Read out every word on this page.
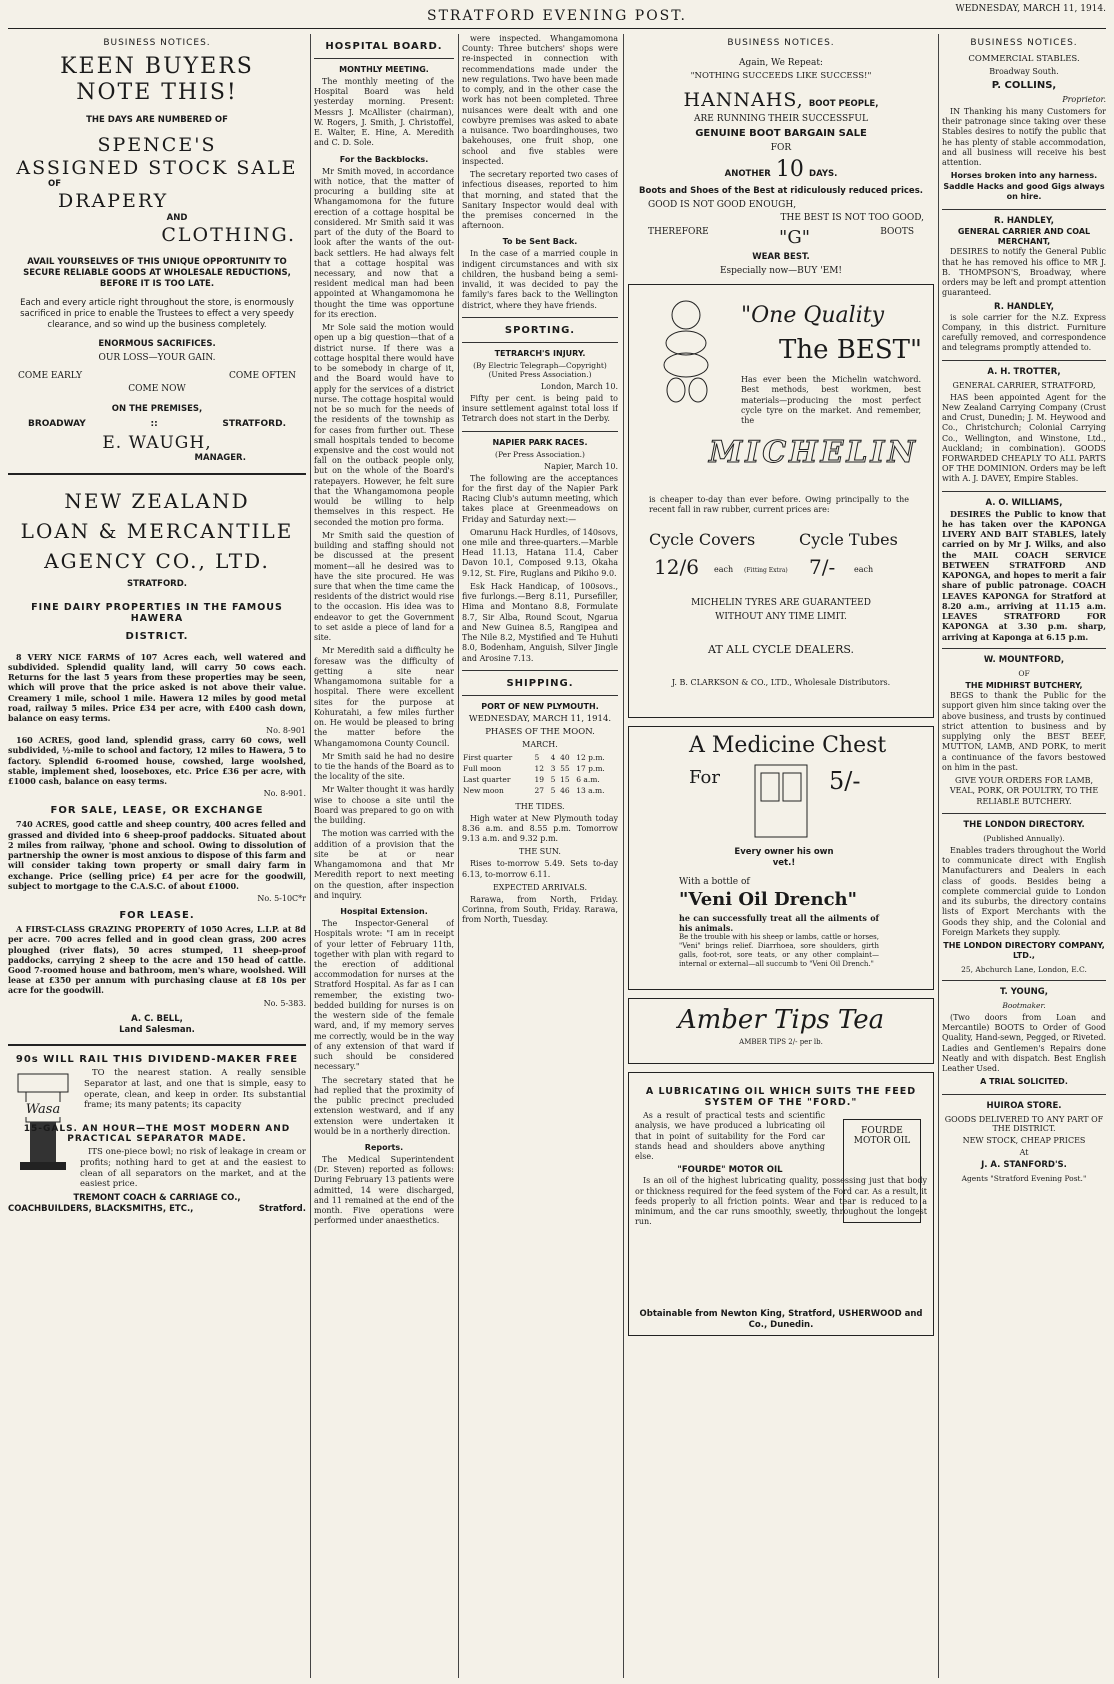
STRATFORD EVENING POST.	WEDNESDAY, MARCH 11, 1914.
BUSINESS NOTICES.
KEEN BUYERS
NOTE THIS!
THE DAYS ARE NUMBERED OF
SPENCE'S
ASSIGNED STOCK SALE
OF
DRAPERY
AND
CLOTHING.
AVAIL YOURSELVES OF THIS UNIQUE OPPORTUNITY TO SECURE RELIABLE GOODS AT WHOLESALE REDUCTIONS, BEFORE IT IS TOO LATE.
Each and every article right throughout the store, is enormously sacrificed in price to enable the Trustees to effect a very speedy clearance, and so wind up the business completely.
ENORMOUS SACRIFICES.
OUR LOSS—YOUR GAIN.
COME EARLY	COME OFTEN
COME NOW
ON THE PREMISES,
BROADWAY	::	STRATFORD.
E. WAUGH,
MANAGER.
NEW ZEALAND
LOAN & MERCANTILE
AGENCY CO., LTD.
STRATFORD.
FINE DAIRY PROPERTIES IN THE FAMOUS HAWERA
DISTRICT.

8 VERY NICE FARMS of 107 Acres each, well watered and subdivided. Splendid quality land, will carry 50 cows each. Returns for the last 5 years from these properties may be seen, which will prove that the price asked is not above their value. Creamery 1 mile, school 1 mile. Hawera 12 miles by good metal road, railway 5 miles. Price £34 per acre, with £400 cash down, balance on easy terms.

No. 8-901

160 ACRES, good land, splendid grass, carry 60 cows, well subdivided, ½-mile to school and factory, 12 miles to Hawera, 5 to factory. Splendid 6-roomed house, cowshed, large woolshed, stable, implement shed, looseboxes, etc. Price £36 per acre, with £1000 cash, balance on easy terms.

No. 8-901.
FOR SALE, LEASE, OR EXCHANGE

740 ACRES, good cattle and sheep country, 400 acres felled and grassed and divided into 6 sheep-proof paddocks. Situated about 2 miles from railway, 'phone and school. Owing to dissolution of partnership the owner is most anxious to dispose of this farm and will consider taking town property or small dairy farm in exchange. Price (selling price) £4 per acre for the goodwill, subject to mortgage to the C.A.S.C. of about £1000.

No. 5-10C*r
FOR LEASE.

A FIRST-CLASS GRAZING PROPERTY of 1050 Acres, L.I.P. at 8d per acre. 700 acres felled and in good clean grass, 200 acres ploughed (river flats), 50 acres stumped, 11 sheep-proof paddocks, carrying 2 sheep to the acre and 150 head of cattle. Good 7-roomed house and bathroom, men's whare, woolshed. Will lease at £350 per annum with purchasing clause at £8 10s per acre for the goodwill.

No. 5-383.
A. C. BELL,
Land Salesman.
90s WILL RAIL THIS DIVIDEND-MAKER FREE
Wasa

TO the nearest station. A really sensible Separator at last, and one that is simple, easy to operate, clean, and keep in order. Its substantial frame; its many patents; its capacity

15-GALS. AN HOUR—THE MOST MODERN AND PRACTICAL SEPARATOR MADE.

ITS one-piece bowl; no risk of leakage in cream or profits; nothing hard to get at and the easiest to clean of all separators on the market, and at the easiest price.

TREMONT COACH & CARRIAGE CO.,
COACHBUILDERS, BLACKSMITHS, ETC.,	Stratford.
HOSPITAL BOARD.
MONTHLY MEETING.

The monthly meeting of the Hospital Board was held yesterday morning. Present: Messrs J. McAllister (chairman), W. Rogers, J. Smith, J. Christoffel, E. Walter, E. Hine, A. Meredith and C. D. Sole.

For the Backblocks.

Mr Smith moved, in accordance with notice, that the matter of procuring a building site at Whangamomona for the future erection of a cottage hospital be considered. Mr Smith said it was part of the duty of the Board to look after the wants of the out-back settlers. He had always felt that a cottage hospital was necessary, and now that a resident medical man had been appointed at Whangamomona he thought the time was opportune for its erection.

Mr Sole said the motion would open up a big question—that of a district nurse. If there was a cottage hospital there would have to be somebody in charge of it, and the Board would have to apply for the services of a district nurse. The cottage hospital would not be so much for the needs of the residents of the township as for cases from further out. These small hospitals tended to become expensive and the cost would not fall on the outback people only, but on the whole of the Board's ratepayers. However, he felt sure that the Whangamomona people would be willing to help themselves in this respect. He seconded the motion pro forma.

Mr Smith said the question of building and staffing should not be discussed at the present moment—all he desired was to have the site procured. He was sure that when the time came the residents of the district would rise to the occasion. His idea was to endeavor to get the Government to set aside a piece of land for a site.

Mr Meredith said a difficulty he foresaw was the difficulty of getting a site near Whangamomona suitable for a hospital. There were excellent sites for the purpose at Kohuratahi, a few miles further on. He would be pleased to bring the matter before the Whangamomona County Council.

Mr Smith said he had no desire to tie the hands of the Board as to the locality of the site.

Mr Walter thought it was hardly wise to choose a site until the Board was prepared to go on with the building.

The motion was carried with the addition of a provision that the site be at or near Whangamomona and that Mr Meredith report to next meeting on the question, after inspection and inquiry.

Hospital Extension.

The Inspector-General of Hospitals wrote: "I am in receipt of your letter of February 11th, together with plan with regard to the erection of additional accommodation for nurses at the Stratford Hospital. As far as I can remember, the existing two-bedded building for nurses is on the western side of the female ward, and, if my memory serves me correctly, would be in the way of any extension of that ward if such should be considered necessary."

The secretary stated that he had replied that the proximity of the public precinct precluded extension westward, and if any extension were undertaken it would be in a northerly direction.

Reports.

The Medical Superintendent (Dr. Steven) reported as follows: During February 13 patients were admitted, 14 were discharged, and 11 remained at the end of the month. Five operations were performed under anaesthetics.

were inspected. Whangamomona County: Three butchers' shops were re-inspected in connection with recommendations made under the new regulations. Two have been made to comply, and in the other case the work has not been completed. Three nuisances were dealt with and one cowbyre premises was asked to abate a nuisance. Two boardinghouses, two bakehouses, one fruit shop, one school and five stables were inspected.

The secretary reported two cases of infectious diseases, reported to him that morning, and stated that the Sanitary Inspector would deal with the premises concerned in the afternoon.

To be Sent Back.

In the case of a married couple in indigent circumstances and with six children, the husband being a semi-invalid, it was decided to pay the family's fares back to the Wellington district, where they have friends.

SPORTING.
TETRARCH'S INJURY.
(By Electric Telegraph—Copyright) (United Press Association.)
London, March 10.

Fifty per cent. is being paid to insure settlement against total loss if Tetrarch does not start in the Derby.

NAPIER PARK RACES.
(Per Press Association.)
Napier, March 10.

The following are the acceptances for the first day of the Napier Park Racing Club's autumn meeting, which takes place at Greenmeadows on Friday and Saturday next:—

Omarunu Hack Hurdles, of 140sovs, one mile and three-quarters.—Marble Head 11.13, Hatana 11.4, Caber Davon 10.1, Composed 9.13, Okaha 9.12, St. Fire, Ruglans and Pikiho 9.0.

Esk Hack Handicap, of 100sovs., five furlongs.—Berg 8.11, Pursefiller, Hima and Montano 8.8, Formulate 8.7, Sir Alba, Round Scout, Ngarua and New Guinea 8.5, Rangipea and The Nile 8.2, Mystified and Te Huhuti 8.0, Bodenham, Anguish, Silver Jingle and Arosine 7.13.

SHIPPING.
PORT OF NEW PLYMOUTH.
WEDNESDAY, MARCH 11, 1914.
PHASES OF THE MOON.
MARCH.
First quarter	5	4	40	12 p.m.
Full moon	12	3	55	17 p.m.
Last quarter	19	5	15	6 a.m.
New moon	27	5	46	13 a.m.
THE TIDES.

High water at New Plymouth today 8.36 a.m. and 8.55 p.m. Tomorrow 9.13 a.m. and 9.32 p.m.

THE SUN.

Rises to-morrow 5.49. Sets to-day 6.13, to-morrow 6.11.

EXPECTED ARRIVALS.

Rarawa, from North, Friday. Corinna, from South, Friday. Rarawa, from North, Tuesday.

BUSINESS NOTICES.
Again, We Repeat:
"NOTHING SUCCEEDS LIKE SUCCESS!"
HANNAHS, BOOT PEOPLE,
ARE RUNNING THEIR SUCCESSFUL
GENUINE BOOT BARGAIN SALE
FOR
ANOTHER 10 DAYS.
Boots and Shoes of the Best at ridiculously reduced prices.
GOOD IS NOT GOOD ENOUGH,
THE BEST IS NOT TOO GOOD,
THEREFORE	"G"	BOOTS
WEAR BEST.
Especially now—BUY 'EM!
"One Quality
The BEST"

Has ever been the Michelin watchword. Best methods, best workmen, best materials—producing the most perfect cycle tyre on the market. And remember, the

MICHELIN

is cheaper to-day than ever before. Owing principally to the recent fall in raw rubber, current prices are:

Cycle Covers	Cycle Tubes
12/6 each (Fitting Extra) 7/- each
MICHELIN TYRES ARE GUARANTEED
WITHOUT ANY TIME LIMIT.
AT ALL CYCLE DEALERS.
J. B. CLARKSON & CO., LTD., Wholesale Distributors.
A Medicine Chest
For	5/-
Every owner his own vet.!
With a bottle of
"Veni Oil Drench"

he can successfully treat all the ailments of his animals.

Be the trouble with his sheep or lambs, cattle or horses, "Veni" brings relief. Diarrhoea, sore shoulders, girth galls, foot-rot, sore teats, or any other complaint—internal or external—all succumb to "Veni Oil Drench."

Amber Tips Tea
AMBER TIPS 2/- per lb.
A LUBRICATING OIL WHICH SUITS THE FEED SYSTEM OF THE "FORD."

As a result of practical tests and scientific analysis, we have produced a lubricating oil that in point of suitability for the Ford car stands head and shoulders above anything else.

"FOURDE" MOTOR OIL

Is an oil of the highest lubricating quality, possessing just that body or thickness required for the feed system of the Ford car. As a result, it feeds properly to all friction points. Wear and tear is reduced to a minimum, and the car runs smoothly, sweetly, throughout the longest run.

FOURDE MOTOR OIL
Obtainable from Newton King, Stratford, USHERWOOD and Co., Dunedin.
BUSINESS NOTICES.
COMMERCIAL STABLES.
Broadway South.
P. COLLINS,
Proprietor.

IN Thanking his many Customers for their patronage since taking over these Stables desires to notify the public that he has plenty of stable accommodation, and all business will receive his best attention.

Horses broken into any harness. Saddle Hacks and good Gigs always on hire.
R. HANDLEY,
GENERAL CARRIER AND COAL MERCHANT,

DESIRES to notify the General Public that he has removed his office to MR J. B. THOMPSON'S, Broadway, where orders may be left and prompt attention guaranteed.

R. HANDLEY,

is sole carrier for the N.Z. Express Company, in this district. Furniture carefully removed, and correspondence and telegrams promptly attended to.

A. H. TROTTER,
GENERAL CARRIER, STRATFORD,

HAS been appointed Agent for the New Zealand Carrying Company (Crust and Crust, Dunedin; J. M. Heywood and Co., Christchurch; Colonial Carrying Co., Wellington, and Winstone, Ltd., Auckland; in combination). GOODS FORWARDED CHEAPLY TO ALL PARTS OF THE DOMINION. Orders may be left with A. J. DAVEY, Empire Stables.

A. O. WILLIAMS,

DESIRES the Public to know that he has taken over the KAPONGA LIVERY AND BAIT STABLES, lately carried on by Mr J. Wilks, and also the MAIL COACH SERVICE BETWEEN STRATFORD AND KAPONGA, and hopes to merit a fair share of public patronage. COACH LEAVES KAPONGA for Stratford at 8.20 a.m., arriving at 11.15 a.m. LEAVES STRATFORD FOR KAPONGA at 3.30 p.m. sharp, arriving at Kaponga at 6.15 p.m.

W. MOUNTFORD,
OF
THE MIDHIRST BUTCHERY,

BEGS to thank the Public for the support given him since taking over the above business, and trusts by continued strict attention to business and by supplying only the BEST BEEF, MUTTON, LAMB, AND PORK, to merit a continuance of the favors bestowed on him in the past.

GIVE YOUR ORDERS FOR LAMB, VEAL, PORK, OR POULTRY, TO THE RELIABLE BUTCHERY.

THE LONDON DIRECTORY.
(Published Annually).

Enables traders throughout the World to communicate direct with English Manufacturers and Dealers in each class of goods. Besides being a complete commercial guide to London and its suburbs, the directory contains lists of Export Merchants with the Goods they ship, and the Colonial and Foreign Markets they supply.

THE LONDON DIRECTORY COMPANY, LTD.,
25, Abchurch Lane, London, E.C.
T. YOUNG,
Bootmaker.

(Two doors from Loan and Mercantile) BOOTS to Order of Good Quality, Hand-sewn, Pegged, or Riveted. Ladies and Gentlemen's Repairs done Neatly and with dispatch. Best English Leather Used.

A TRIAL SOLICITED.
HUIROA STORE.
GOODS DELIVERED TO ANY PART OF THE DISTRICT.
NEW STOCK, CHEAP PRICES
At
J. A. STANFORD'S.
Agents "Stratford Evening Post."
